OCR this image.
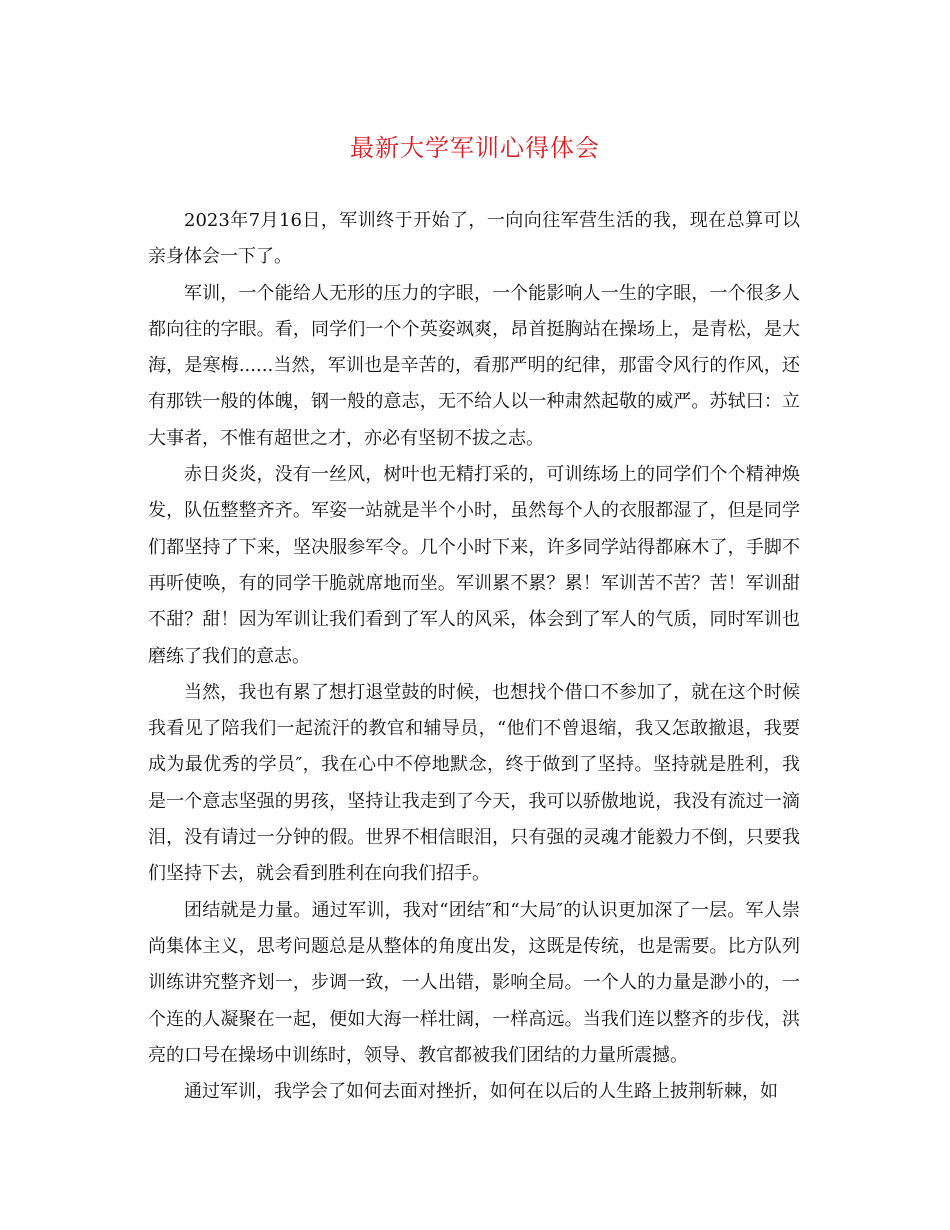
最新大学军训心得体会

2023年7月16日，军训终于开始了，一向向往军营生活的我，现在总算可以亲身体会一下了。

军训，一个能给人无形的压力的字眼，一个能影响人一生的字眼，一个很多人都向往的字眼。看，同学们一个个英姿飒爽，昂首挺胸站在操场上，是青松，是大海，是寒梅......当然，军训也是辛苦的，看那严明的纪律，那雷令风行的作风，还有那铁一般的体魄，钢一般的意志，无不给人以一种肃然起敬的威严。苏轼曰：立大事者，不惟有超世之才，亦必有坚韧不拔之志。

赤日炎炎，没有一丝风，树叶也无精打采的，可训练场上的同学们个个精神焕发，队伍整整齐齐。军姿一站就是半个小时，虽然每个人的衣服都湿了，但是同学们都坚持了下来，坚决服参军令。几个小时下来，许多同学站得都麻木了，手脚不再听使唤，有的同学干脆就席地而坐。军训累不累？累！军训苦不苦？苦！军训甜不甜？甜！因为军训让我们看到了军人的风采，体会到了军人的气质，同时军训也磨练了我们的意志。

当然，我也有累了想打退堂鼓的时候，也想找个借口不参加了，就在这个时候我看见了陪我们一起流汗的教官和辅导员，“他们不曾退缩，我又怎敢撤退，我要成为最优秀的学员″，我在心中不停地默念，终于做到了坚持。坚持就是胜利，我是一个意志坚强的男孩，坚持让我走到了今天，我可以骄傲地说，我没有流过一滴泪，没有请过一分钟的假。世界不相信眼泪，只有强的灵魂才能毅力不倒，只要我们坚持下去，就会看到胜利在向我们招手。

团结就是力量。通过军训，我对“团结″和“大局″的认识更加深了一层。军人崇尚集体主义，思考问题总是从整体的角度出发，这既是传统，也是需要。比方队列训练讲究整齐划一，步调一致，一人出错，影响全局。一个人的力量是渺小的，一个连的人凝聚在一起，便如大海一样壮阔，一样高远。当我们连以整齐的步伐，洪亮的口号在操场中训练时，领导、教官都被我们团结的力量所震撼。

通过军训，我学会了如何去面对挫折，如何在以后的人生路上披荆斩棘，如
